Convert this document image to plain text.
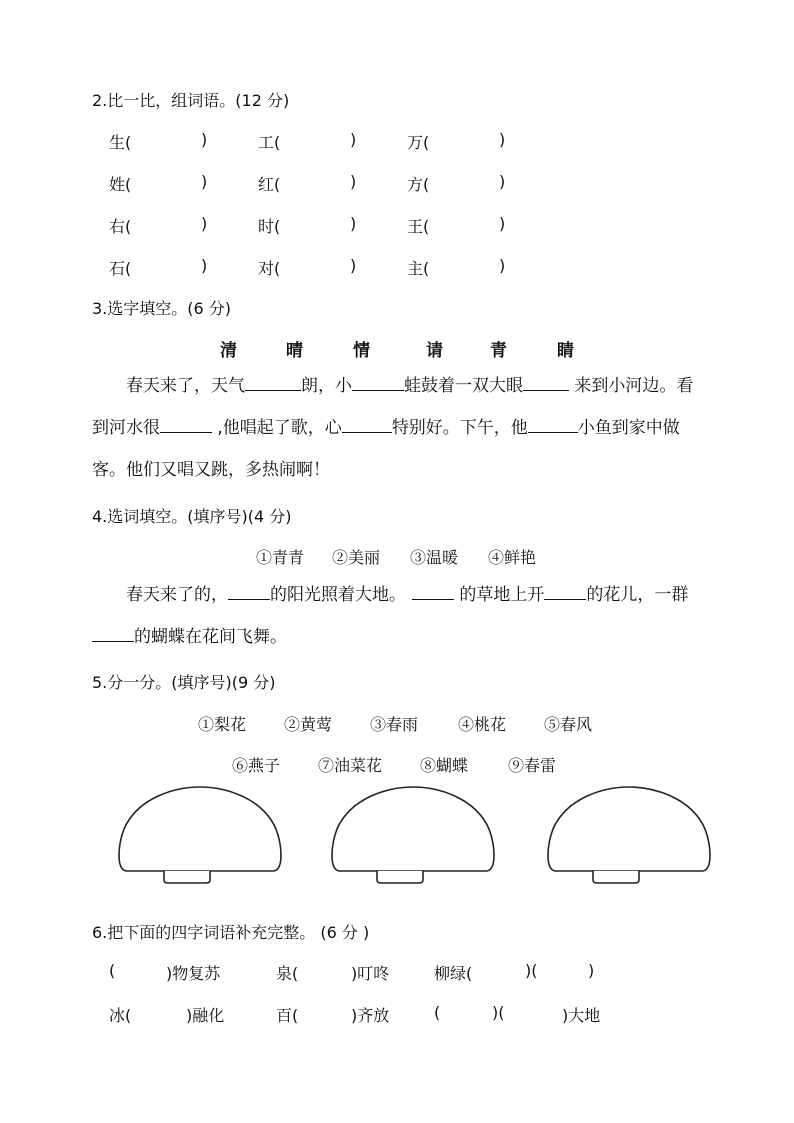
2.比一比，组词语。(12 分)
生(	)	工(	)	万(	)
姓(	)	红(	)	方(	)
右(	)	时(	)	王(	)
石(	)	对(	)	主(	)
3.选字填空。(6 分)
清	晴	情	请	青	睛
春天来了，天气	朗，小	蛙鼓着一双大眼	来到小河边。看
到河水很	,他唱起了歌，心	特别好。下午，他	小鱼到家中做
客。他们又唱又跳，多热闹啊！
4.选词填空。(填序号)(4 分)
①青青 ②美丽 ③温暖 ④鲜艳
春天来了的， 的阳光照着大地。	的草地上开 的花儿，一群
的蝴蝶在花间飞舞。
5.分一分。(填序号)(9 分)
①梨花 ②黄莺 ③春雨 ④桃花 ⑤春风
⑥燕子 ⑦油菜花 ⑧蝴蝶 ⑨春雷
6.把下面的四字词语补充完整。 (6 分 )
(	)物复苏	泉(	)叮咚	柳绿(	)(	)
冰(	)融化	百(	)齐放	(	)(	)大地
